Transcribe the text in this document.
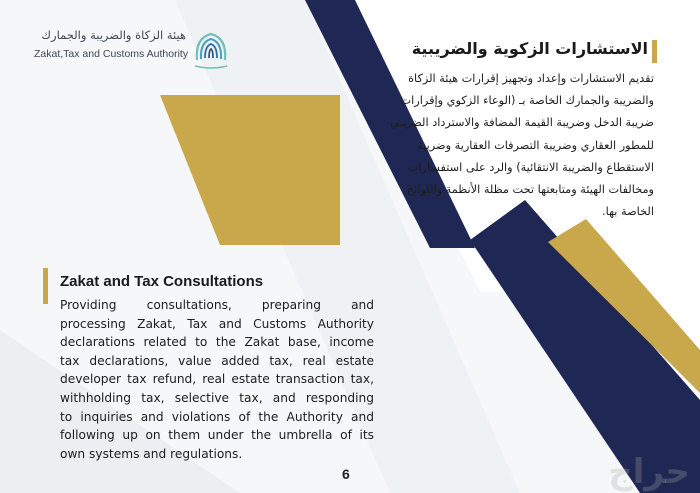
هيئة الزكاة والضريبة والجمارك
Zakat,Tax and Customs Authority	الاستشارات الزكوية والضريبية
تقديم الاستشارات وإعداد وتجهيز إقرارات هيئة الزكاة
والضريبة والجمارك الخاصة بـ (الوعاء الزكوي وإقرارات
ضريبة الدخل وضريبة القيمة المضافة والاسترداد الضريبي
للمطور العقاري وضريبة التصرفات العقارية وضريبة
الاستقطاع والضريبة الانتقائية) والرد على استفسارات
ومخالفات الهيئة ومتابعتها تحت مظلة الأنظمة واللوائح
الخاصة بها.
Zakat and Tax Consultations
Providing consultations, preparing and
processing Zakat, Tax and Customs Authority
declarations related to the Zakat base, income
tax declarations, value added tax, real estate
developer tax refund, real estate transaction tax,
withholding tax, selective tax, and responding
to inquiries and violations of the Authority and
following up on them under the umbrella of its
own systems and regulations.
6	حراج
